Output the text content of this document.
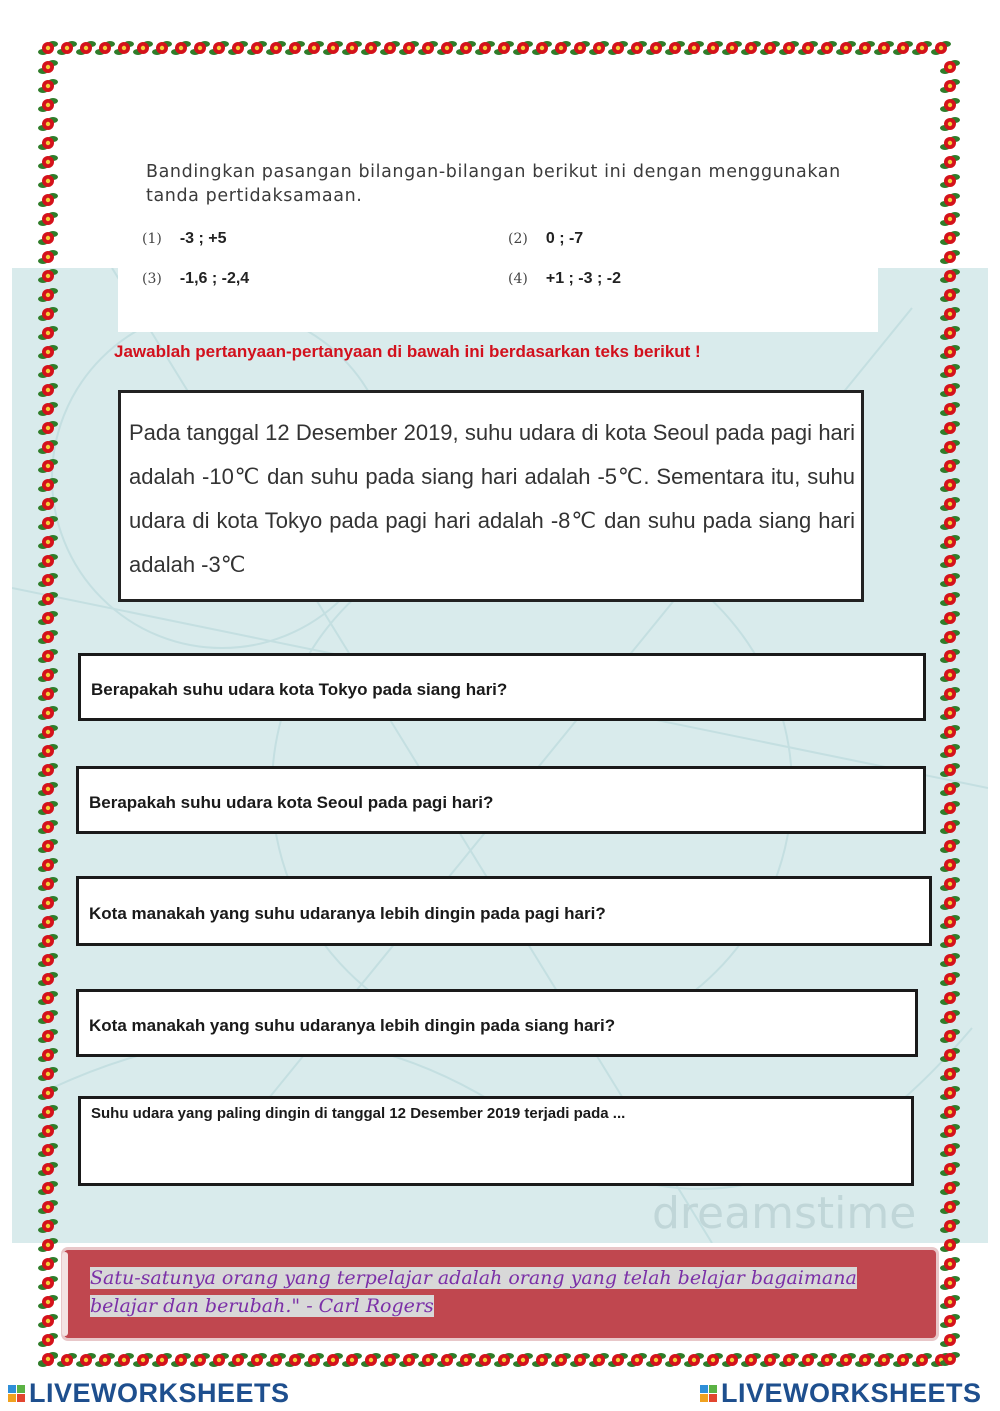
dreamstime
Bandingkan pasangan bilangan-bilangan berikut ini dengan menggunakan tanda pertidaksamaan.
(1) -3 ; +5	(2) 0 ; -7
(3) -1,6 ; -2,4	(4) +1 ; -3 ; -2
Jawablah pertanyaan-pertanyaan di bawah ini berdasarkan teks berikut !

Pada tanggal 12 Desember 2019, suhu udara di kota Seoul pada pagi hari adalah -10℃ dan suhu pada siang hari adalah -5℃. Sementara itu, suhu udara di kota Tokyo pada pagi hari adalah -8℃ dan suhu pada siang hari adalah -3℃

Berapakah suhu udara kota Tokyo pada siang hari?
Berapakah suhu udara kota Seoul pada pagi hari?
Kota manakah yang suhu udaranya lebih dingin pada pagi hari?
Kota manakah yang suhu udaranya lebih dingin pada siang hari?
Suhu udara yang paling dingin di tanggal 12 Desember 2019 terjadi pada ...
Satu-satunya orang yang terpelajar adalah orang yang telah belajar bagaimana belajar dan berubah." - Carl Rogers
LIVEWORKSHEETS	LIVEWORKSHEETS
